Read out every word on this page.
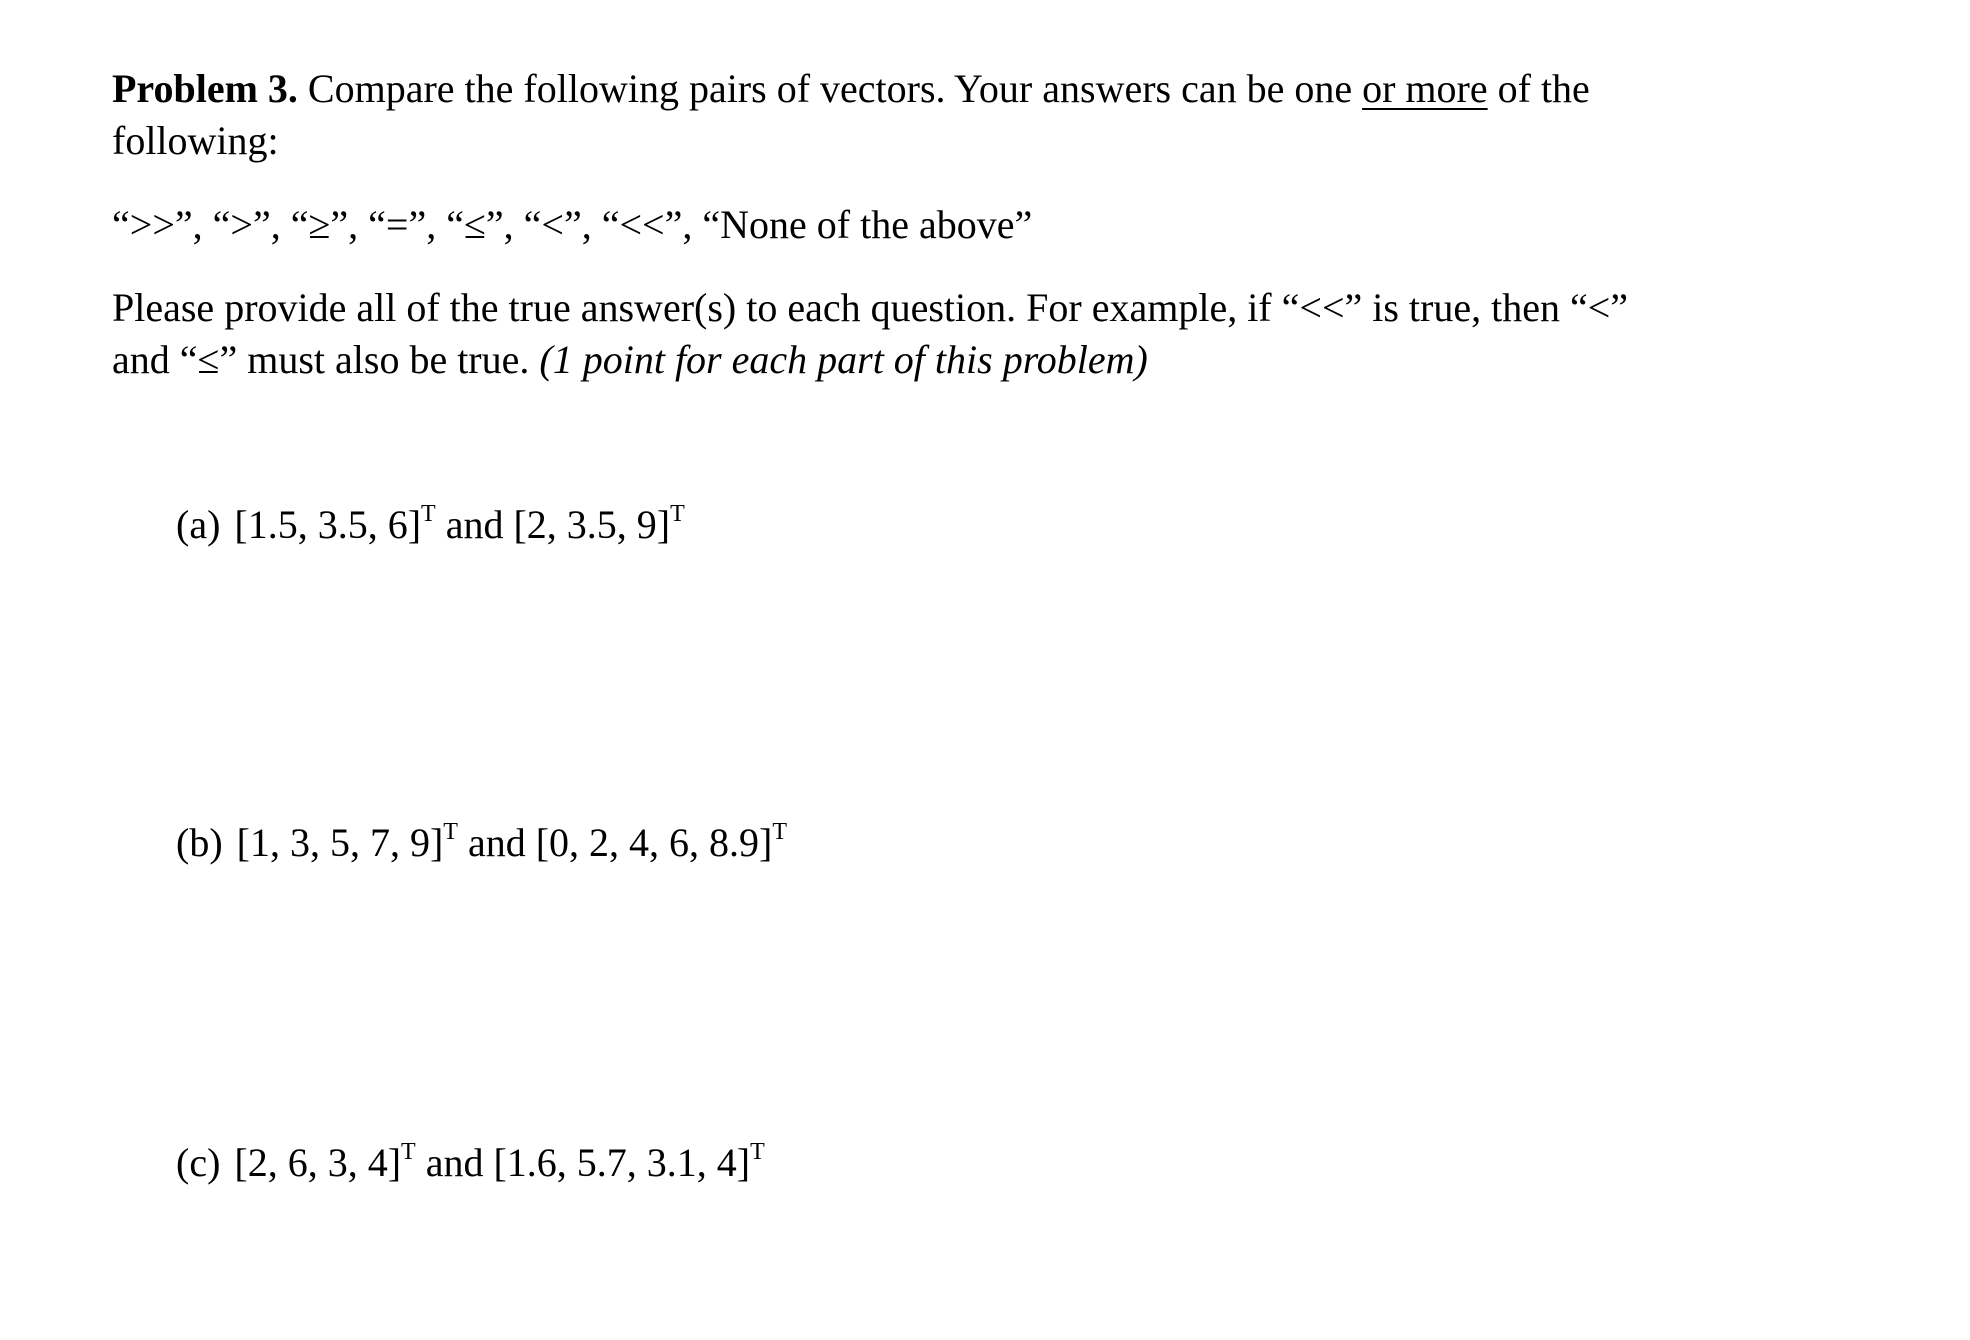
Problem 3. Compare the following pairs of vectors. Your answers can be one or more of the
following:
“>>”, “>”, “≥”, “=”, “≤”, “<”, “<<”, “None of the above”
Please provide all of the true answer(s) to each question. For example, if “<<” is true, then “<”
and “≤” must also be true. (1 point for each part of this problem)
(a) [1.5, 3.5, 6]$^T$ and [2, 3.5, 9]$^T$
(b) [1, 3, 5, 7, 9]$^T$ and [0, 2, 4, 6, 8.9]$^T$
(c) [2, 6, 3, 4]$^T$ and [1.6, 5.7, 3.1, 4]$^T$
